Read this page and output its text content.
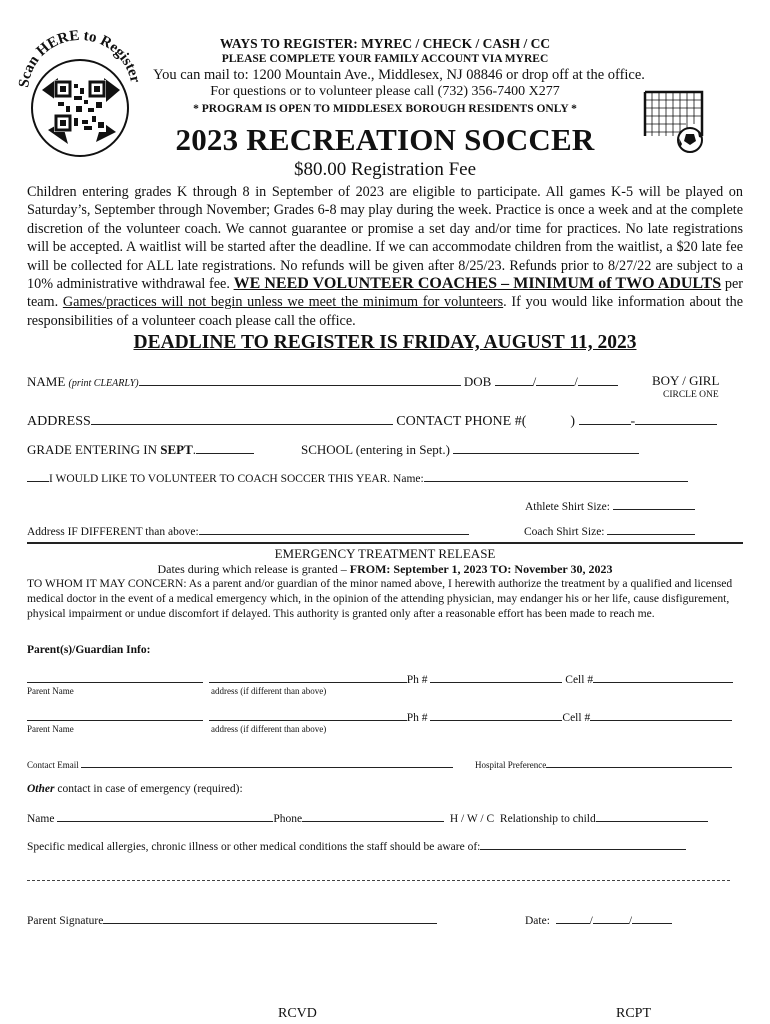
can HERE to Registe
WAYS TO REGISTER: MYREC / CHECK / CASH / CC
PLEASE COMPLETE YOUR FAMILY ACCOUNT VIA MYREC
You can mail to: 1200 Mountain Ave., Middlesex, NJ 08846 or drop off at the office.
For questions or to volunteer please call (732) 356-7400 X277
* PROGRAM IS OPEN TO MIDDLESEX BOROUGH RESIDENTS ONLY *
2023 RECREATION SOCCER
$80.00 Registration Fee
Children entering grades K through 8 in September of 2023 are eligible to participate. All games K-5 will be played on Saturday’s, September through November; Grades 6-8 may play during the week. Practice is once a week and at the complete discretion of the volunteer coach. We cannot guarantee or promise a set day and/or time for practices. No late registrations will be accepted. A waitlist will be started after the deadline. If we can accommodate children from the waitlist, a $20 late fee will be collected for ALL late registrations. No refunds will be given after 8/25/23. Refunds prior to 8/27/22 are subject to a 10% administrative withdrawal fee. WE NEED VOLUNTEER COACHES – MINIMUM of TWO ADULTS per team. Games/practices will not begin unless we meet the minimum for volunteers. If you would like information about the responsibilities of a volunteer coach please call the office.
DEADLINE TO REGISTER IS FRIDAY, AUGUST 11, 2023
NAME (print CLEARLY)	DOB	/	/	BOY / GIRL
CIRCLE ONE
ADDRESS	CONTACT PHONE #(	)	-
GRADE ENTERING IN SEPT.	SCHOOL (entering in Sept.)
I WOULD LIKE TO VOLUNTEER TO COACH SOCCER THIS YEAR. Name:
Athlete Shirt Size:
Address IF DIFFERENT than above:	Coach Shirt Size:
EMERGENCY TREATMENT RELEASE
Dates during which release is granted – FROM: September 1, 2023 TO: November 30, 2023
TO WHOM IT MAY CONCERN: As a parent and/or guardian of the minor named above, I herewith authorize the treatment by a qualified and licensed medical doctor in the event of a medical emergency which, in the opinion of the attending physician, may endanger his or her life, cause disfigurement, physical impairment or undue discomfort if delayed. This authority is granted only after a reasonable effort has been made to reach me.
Parent(s)/Guardian Info:
Ph #	Cell #
Parent Name	address (if different than above)
Ph #	Cell #
Parent Name	address (if different than above)
Contact Email	Hospital Preference
Other contact in case of emergency (required):
Name	Phone	H / W / C Relationship to child
Specific medical allergies, chronic illness or other medical conditions the staff should be aware of:
Parent Signature	Date:	/	/
RCVD	RCPT
